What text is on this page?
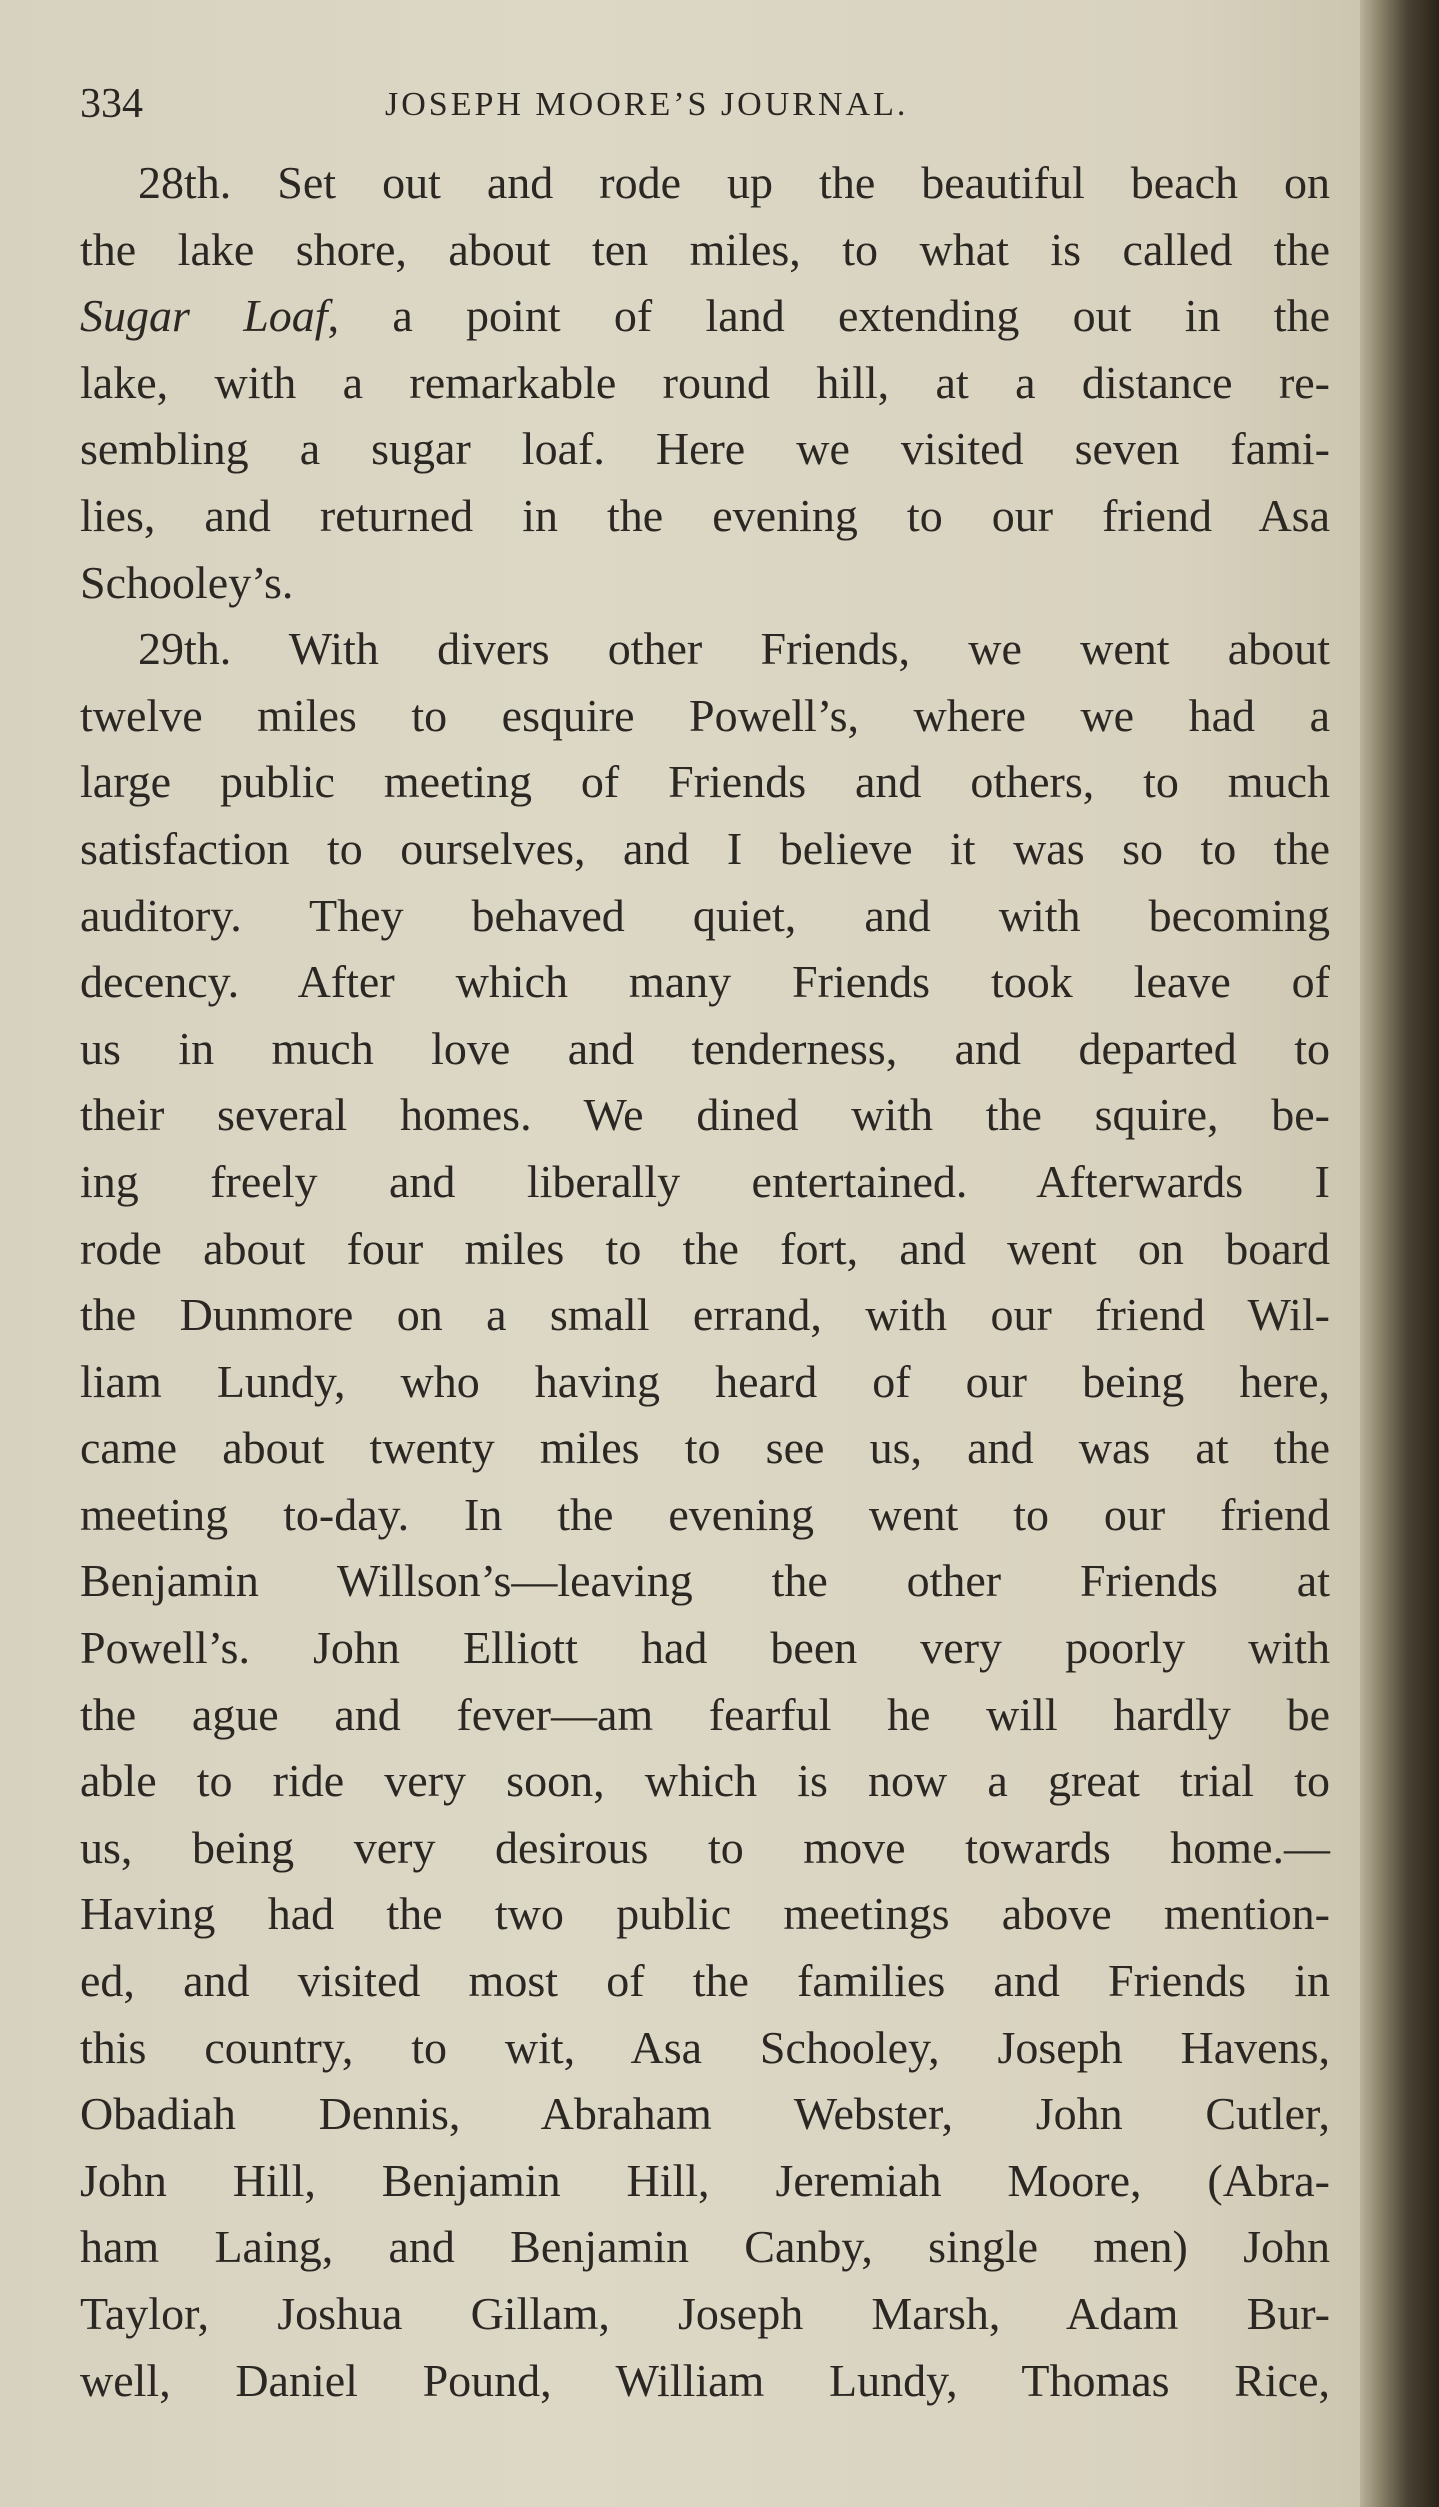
334	JOSEPH MOORE’S JOURNAL.
28th. Set out and rode up the beautiful beach on
the lake shore, about ten miles, to what is called the
Sugar Loaf, a point of land extending out in the
lake, with a remarkable round hill, at a distance re-
sembling a sugar loaf. Here we visited seven fami-
lies, and returned in the evening to our friend Asa
Schooley’s.
29th. With divers other Friends, we went about
twelve miles to esquire Powell’s, where we had a
large public meeting of Friends and others, to much
satisfaction to ourselves, and I believe it was so to the
auditory. They behaved quiet, and with becoming
decency. After which many Friends took leave of
us in much love and tenderness, and departed to
their several homes. We dined with the squire, be-
ing freely and liberally entertained. Afterwards I
rode about four miles to the fort, and went on board
the Dunmore on a small errand, with our friend Wil-
liam Lundy, who having heard of our being here,
came about twenty miles to see us, and was at the
meeting to-day. In the evening went to our friend
Benjamin Willson’s—leaving the other Friends at
Powell’s. John Elliott had been very poorly with
the ague and fever—am fearful he will hardly be
able to ride very soon, which is now a great trial to
us, being very desirous to move towards home.—
Having had the two public meetings above mention-
ed, and visited most of the families and Friends in
this country, to wit, Asa Schooley, Joseph Havens,
Obadiah Dennis, Abraham Webster, John Cutler,
John Hill, Benjamin Hill, Jeremiah Moore, (Abra-
ham Laing, and Benjamin Canby, single men) John
Taylor, Joshua Gillam, Joseph Marsh, Adam Bur-
well, Daniel Pound, William Lundy, Thomas Rice,
